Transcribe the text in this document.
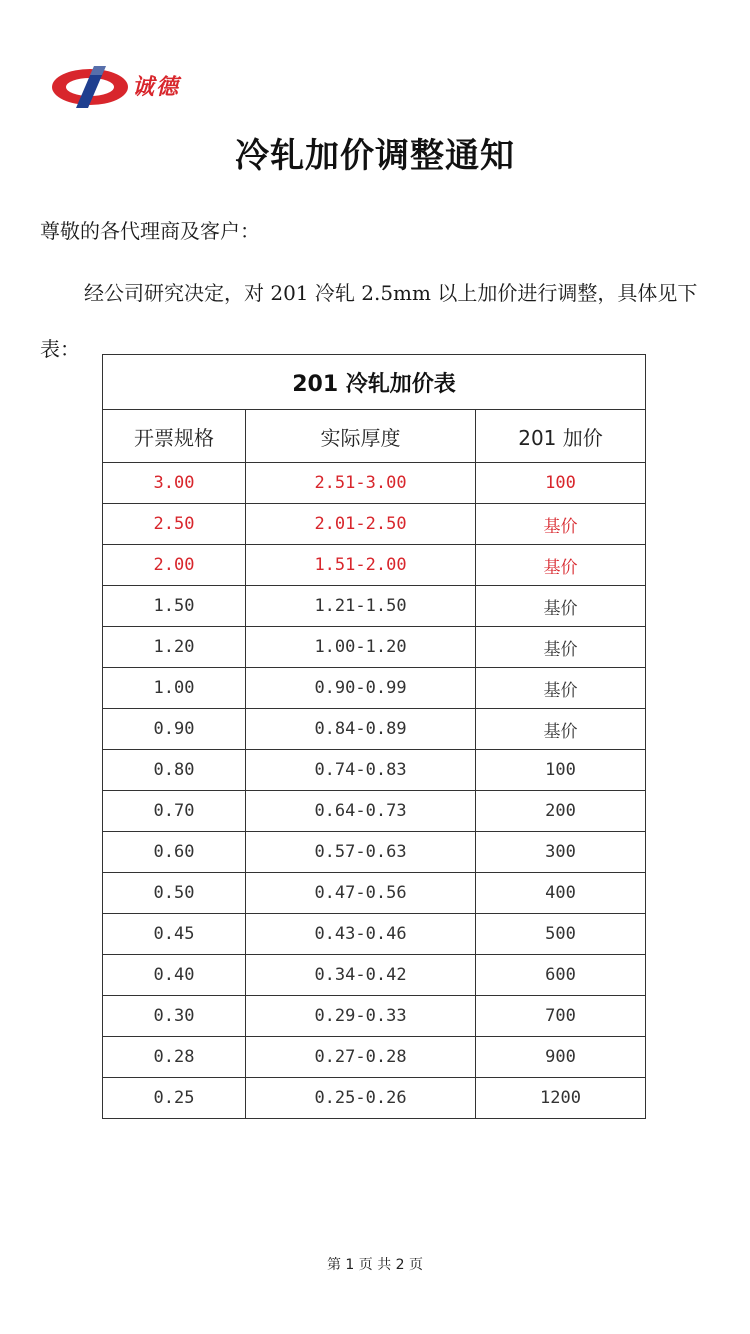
诚德
冷轧加价调整通知
尊敬的各代理商及客户：
经公司研究决定，对 201 冷轧 2.5mm 以上加价进行调整，具体见下表：
201 冷轧加价表		
开票规格	实际厚度	201 加价
3.00	2.51-3.00	100
2.50	2.01-2.50	基价
2.00	1.51-2.00	基价
1.50	1.21-1.50	基价
1.20	1.00-1.20	基价
1.00	0.90-0.99	基价
0.90	0.84-0.89	基价
0.80	0.74-0.83	100
0.70	0.64-0.73	200
0.60	0.57-0.63	300
0.50	0.47-0.56	400
0.45	0.43-0.46	500
0.40	0.34-0.42	600
0.30	0.29-0.33	700
0.28	0.27-0.28	900
0.25	0.25-0.26	1200
第 1 页 共 2 页
